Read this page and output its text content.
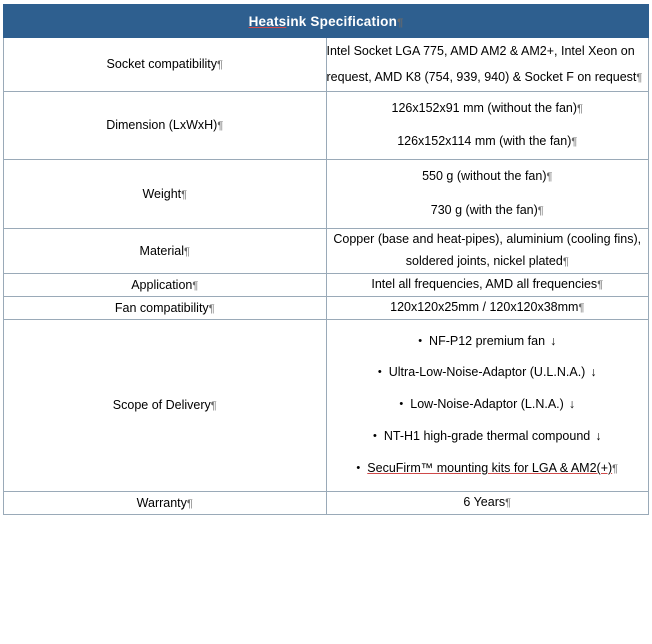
Heatsink Specification¶	
Socket compatibility¶	Intel Socket LGA 775, AMD AM2 & AM2+, Intel Xeon on
request, AMD K8 (754, 939, 940) & Socket F on request¶

Dimension (LxWxH)¶	126x152x91 mm (without the fan)¶
126x152x114 mm (with the fan)¶

Weight¶	550 g (without the fan)¶
730 g (with the fan)¶

Material¶	Copper (base and heat-pipes), aluminium (cooling fins),
soldered joints, nickel plated¶

Application¶	Intel all frequencies, AMD all frequencies¶
Fan compatibility¶	120x120x25mm / 120x120x38mm¶
Scope of Delivery¶	
• NF-P12 premium fan ↓
• Ultra-Low-Noise-Adaptor (U.L.N.A.) ↓
• Low-Noise-Adaptor (L.N.A.) ↓
• NT-H1 high-grade thermal compound ↓
• SecuFirm™ mounting kits for LGA & AM2(+)¶

Warranty¶	6 Years¶
